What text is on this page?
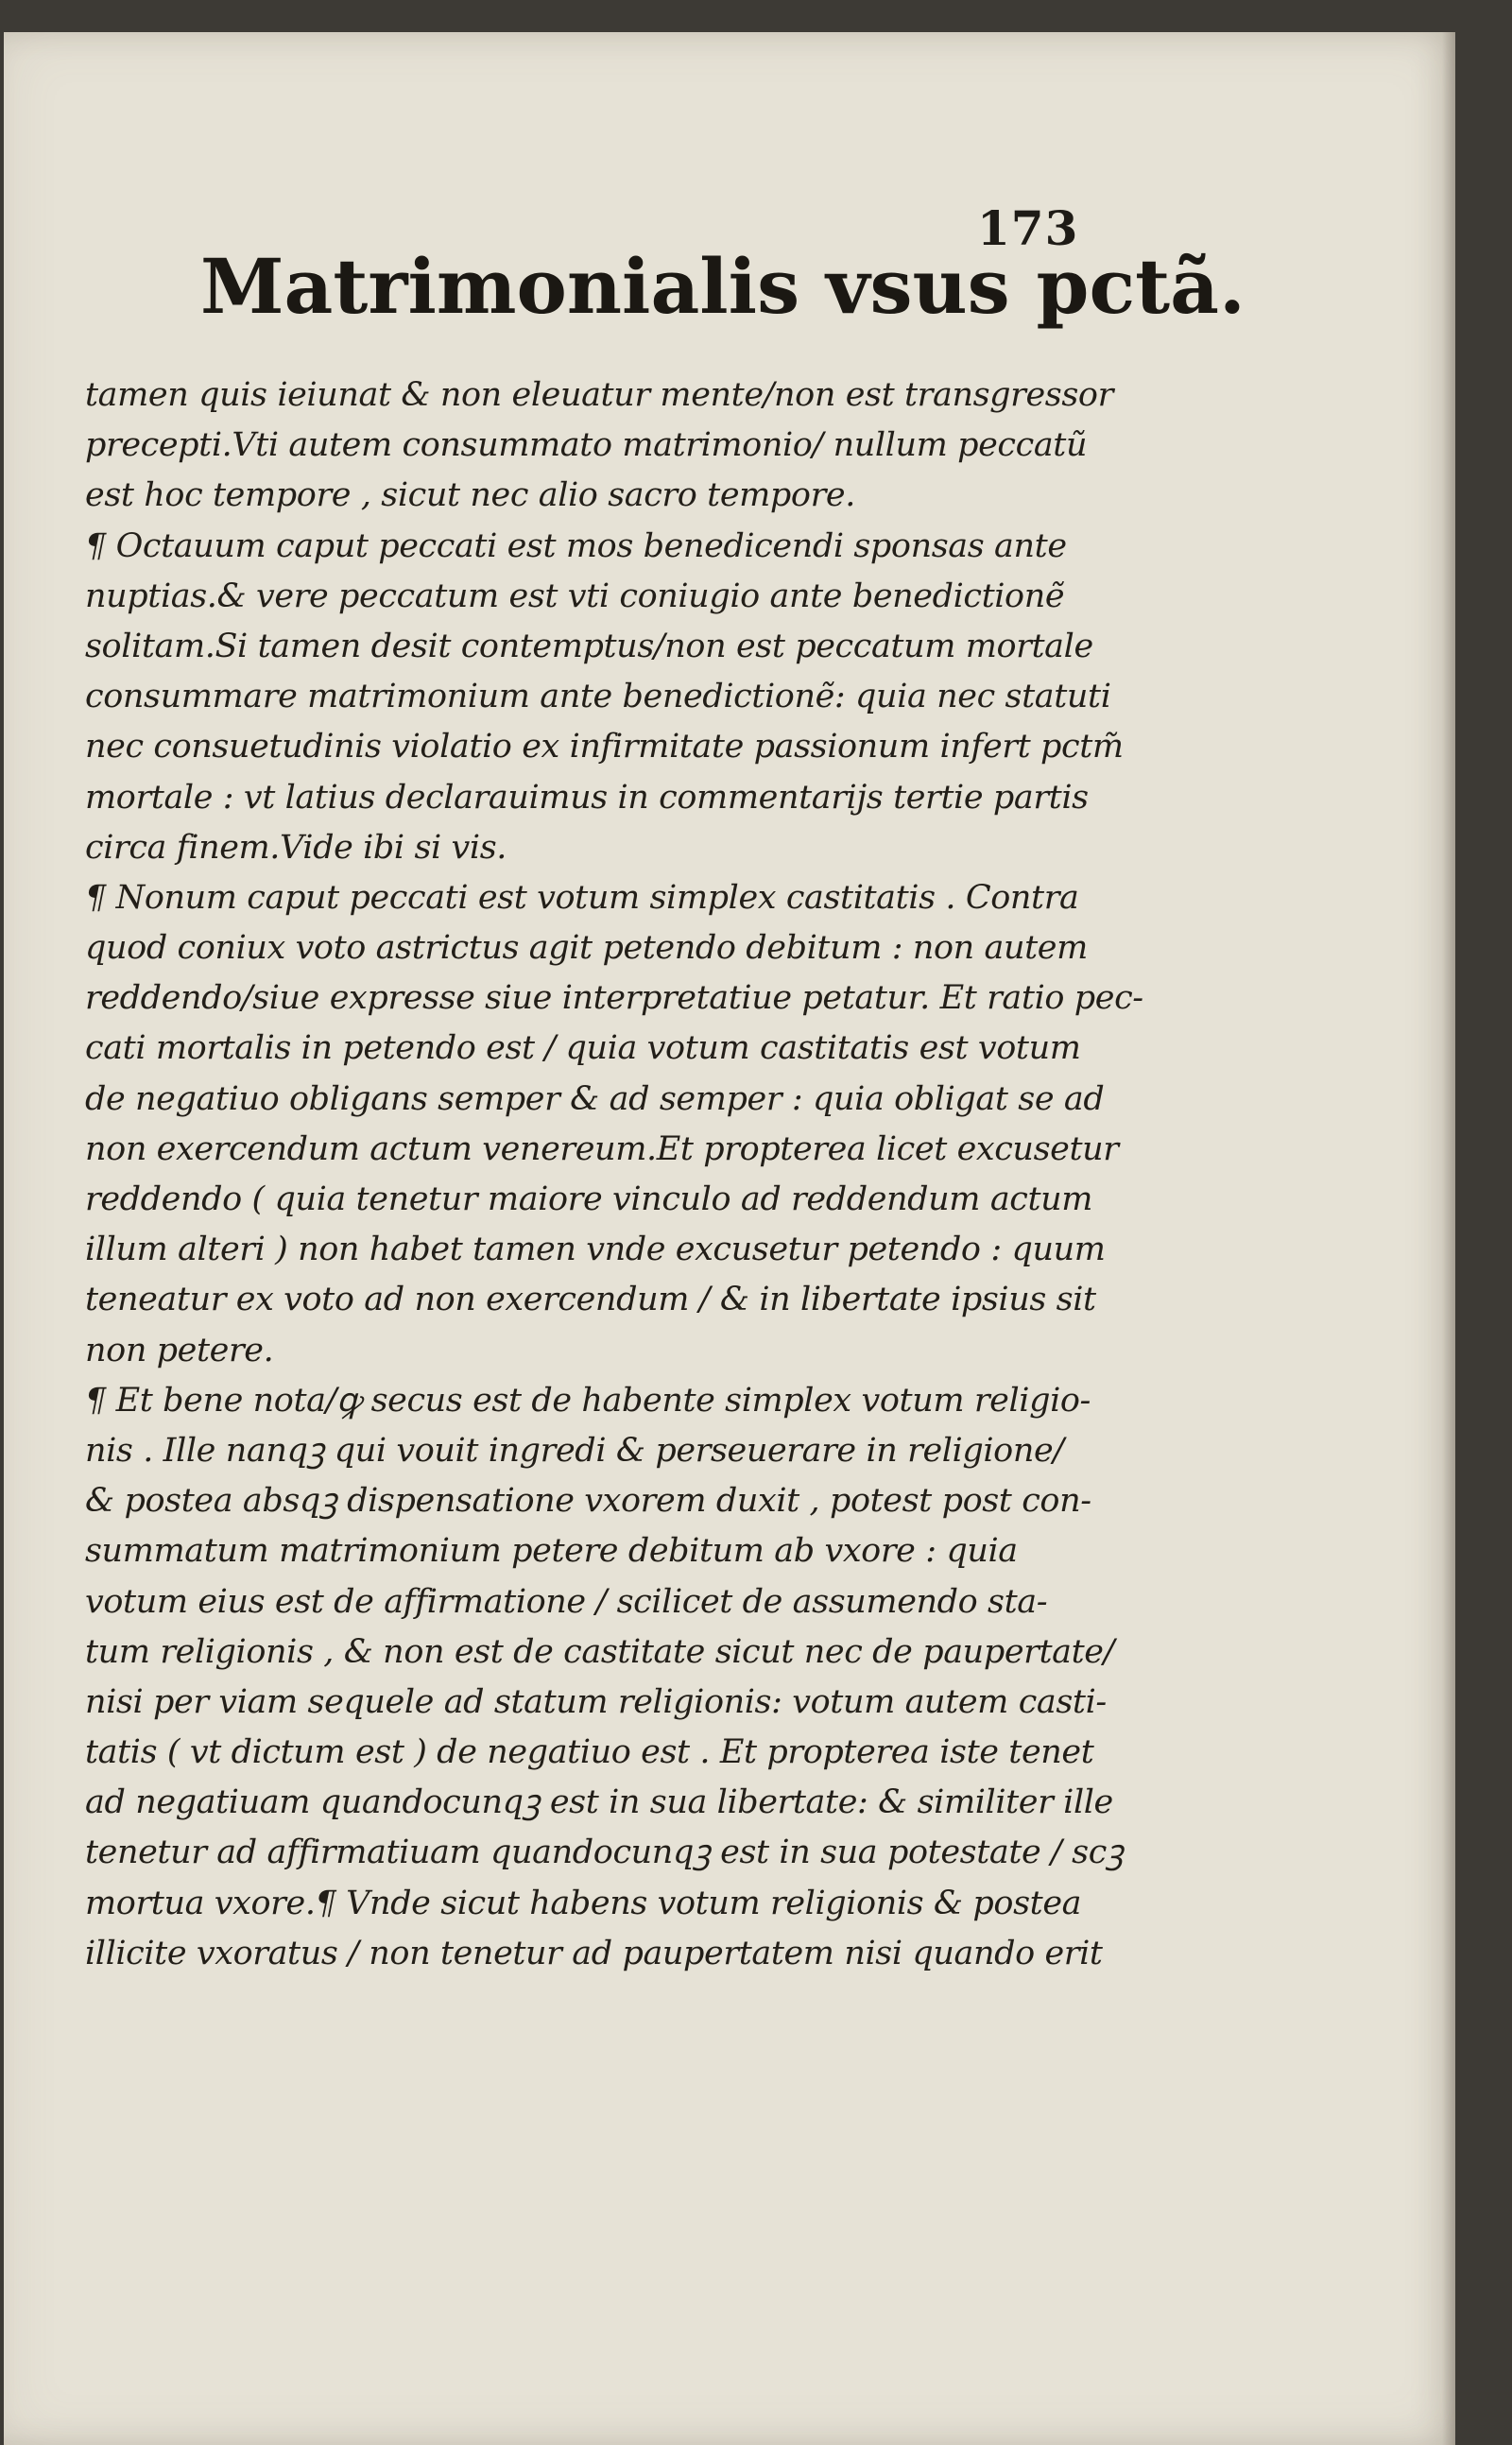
173
Matrimonialis vsus pctã.
tamen quis ieiunat & non eleuatur mente/non est transgressor
precepti.Vti autem consummato matrimonio/ nullum peccatũ
est hoc tempore , sicut nec alio sacro tempore.
¶ Octauum caput peccati est mos benedicendi sponsas ante
nuptias.& vere peccatum est vti coniugio ante benedictionẽ
solitam.Si tamen desit contemptus/non est peccatum mortale
consummare matrimonium ante benedictionẽ: quia nec statuti
nec consuetudinis violatio ex infirmitate passionum infert pctm̃
mortale : vt latius declarauimus in commentarijs tertie partis
circa finem.Vide ibi si vis.
¶ Nonum caput peccati est votum simplex castitatis . Contra
quod coniux voto astrictus agit petendo debitum : non autem
reddendo/siue expresse siue interpretatiue petatur. Et ratio pec-
cati mortalis in petendo est / quia votum castitatis est votum
de negatiuo obligans semper & ad semper : quia obligat se ad
non exercendum actum venereum.Et propterea licet excusetur
reddendo ( quia tenetur maiore vinculo ad reddendum actum
illum alteri ) non habet tamen vnde excusetur petendo : quum
teneatur ex voto ad non exercendum / & in libertate ipsius sit
non petere.
¶ Et bene nota/ꝙ secus est de habente simplex votum religio-
nis . Ille nanqꝫ qui vouit ingredi & perseuerare in religione/
& postea absqꝫ dispensatione vxorem duxit , potest post con-
summatum matrimonium petere debitum ab vxore : quia
votum eius est de affirmatione / scilicet de assumendo sta-
tum religionis , & non est de castitate sicut nec de paupertate/
nisi per viam sequele ad statum religionis: votum autem casti-
tatis ( vt dictum est ) de negatiuo est . Et propterea iste tenet
ad negatiuam quandocunqꝫ est in sua libertate: & similiter ille
tenetur ad affirmatiuam quandocunqꝫ est in sua potestate / scꝫ
mortua vxore.¶ Vnde sicut habens votum religionis & postea
illicite vxoratus / non tenetur ad paupertatem nisi quando erit
